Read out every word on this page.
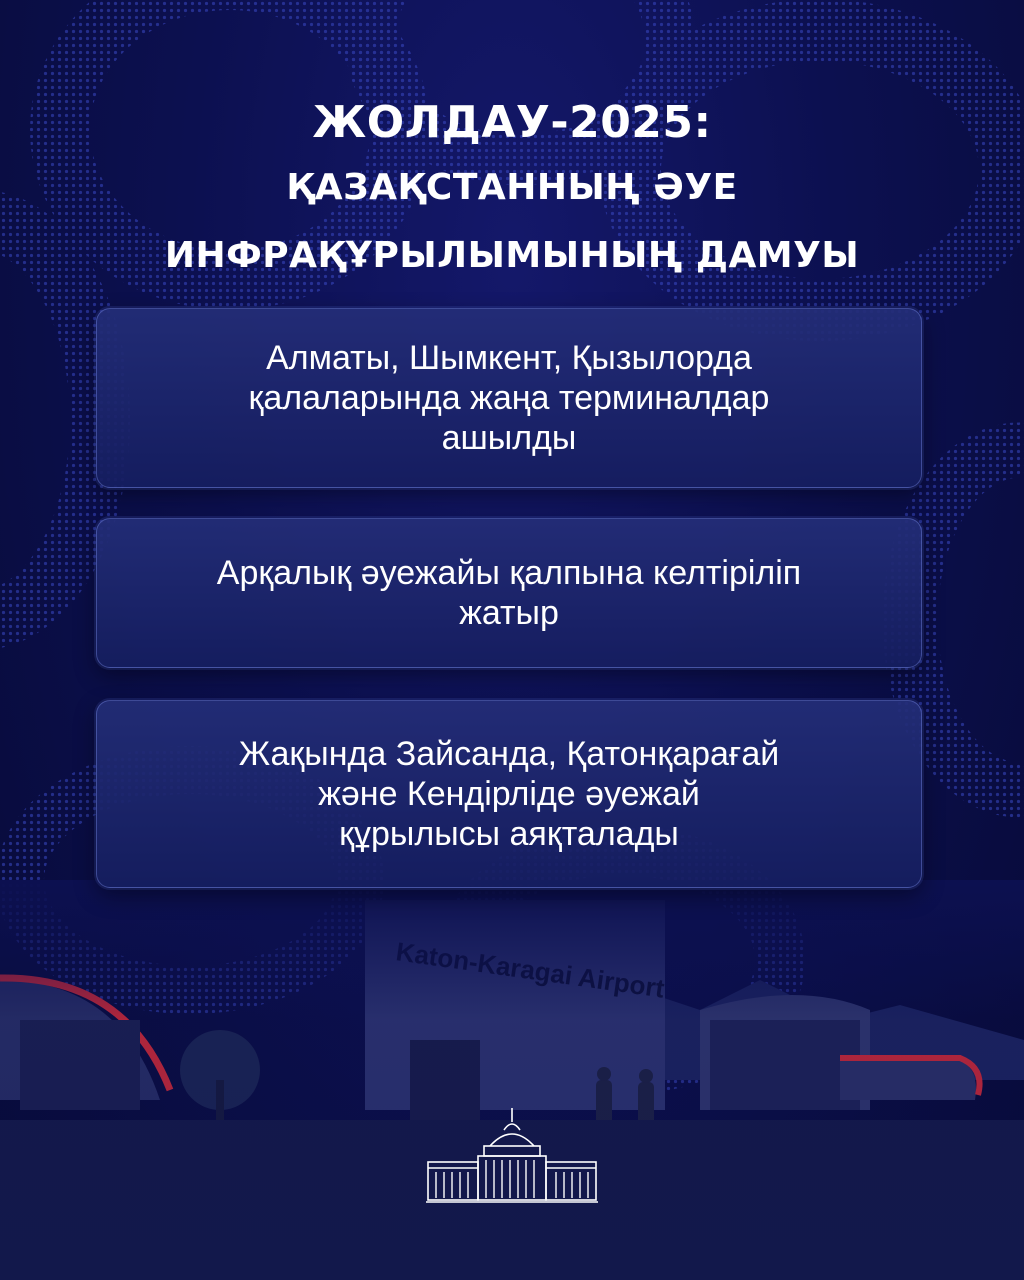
ЖОЛДАУ-2025:
ҚАЗАҚСТАННЫҢ ӘУЕ
ИНФРАҚҰРЫЛЫМЫНЫҢ ДАМУЫ
Алматы, Шымкент, Қызылорда
қалаларында жаңа терминалдар
ашылды
Арқалық әуежайы қалпына келтіріліп
жатыр
Жақында Зайсанда, Қатонқарағай
және Кендірліде әуежай
құрылысы аяқталады
